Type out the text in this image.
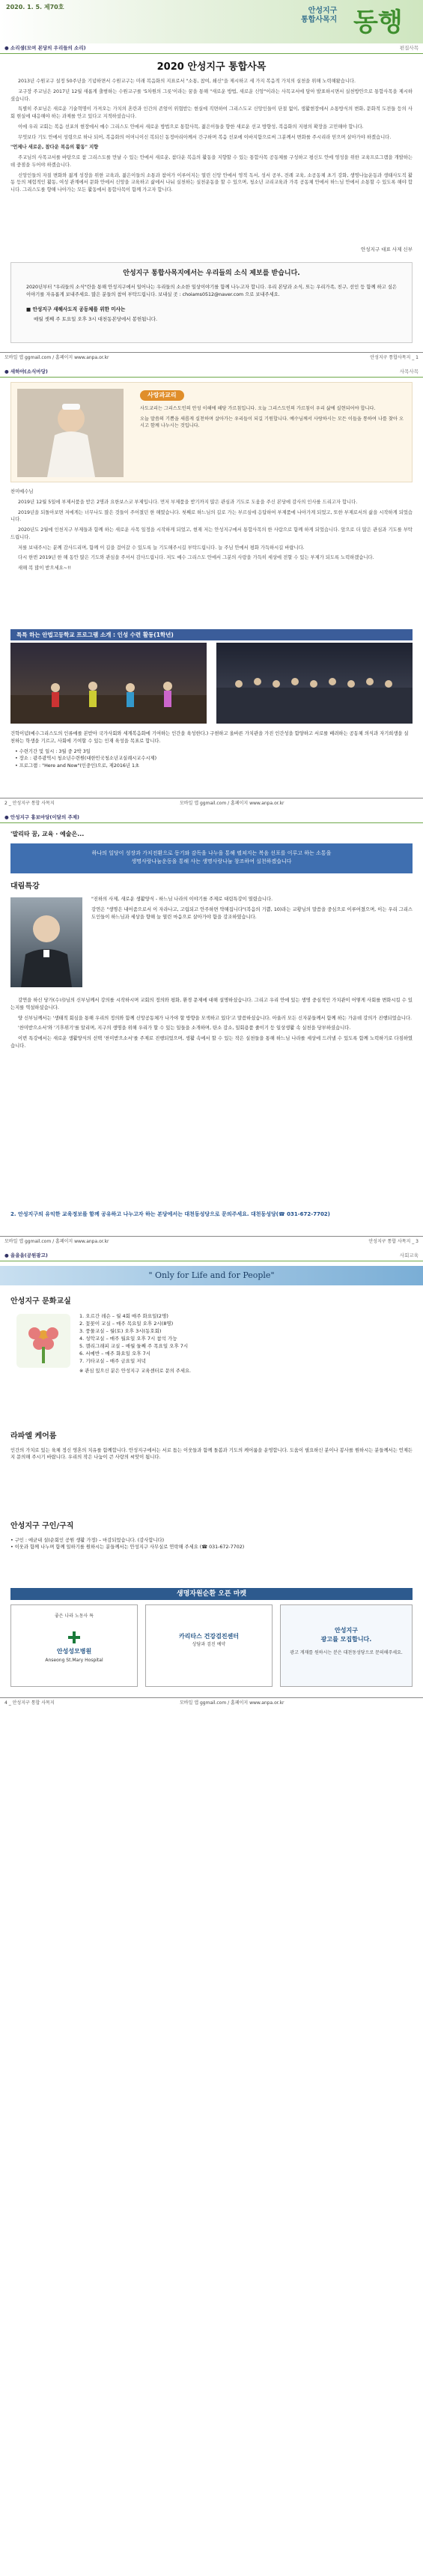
2020. 1. 5. 제70호	안성지구
통합사목지 동행
● 소리샘(모여 본당의 우리들의 소리)	편집사목
2020 안성지구 통합사목

2013년 수원교구 설정 50주년을 기념하면서 수원교구는 미래 복음화의 지표로서 "소통, 참여, 쇄신"을 제시하고 세 가지 복음적 가치의 실천을 위해 노력해왔습니다.

교구장 주교님은 2017년 12월 새롭게 출범하는 수원교구를 '5차원의 그릇'이라는 꿈을 통해 "새로운 방법, 새로운 신앙"이라는 사목교서에 담아 발표하시면서 실천방안으로 통합사목을 제시하셨습니다.

특별히 주보님은 새로운 기술혁명이 가져오는 가치의 혼란과 인간의 존엄이 위협받는 현실에 직면하여 그리스도교 신앙인들이 단절 없이, 생활현장에서 소통방식의 변화, 문화적 도전들 등의 사회 현실에 대응해야 하는 과제를 안고 있다고 지적하셨습니다.

이에 우리 교회는 복음 선포의 현장에서 예수 그리스도 안에서 새로운 방법으로 통합사목, 젊은이들을 향한 새로운 선교 방향성, 복음화의 지평의 확장을 고민해야 합니다.

무엇보다 기도 안에서 성령으로 하나 되어, 복음화의 어머니이신 복되신 동정마리아께서 간구하며 복음 선포에 이바지함으로써 그분께서 변화를 주시리라 믿으며 살아가야 하겠습니다.

"언제나 새로운, 참다운 복음의 활동" 지향

주교님의 사목교서를 바탕으로 참 그리스도를 만날 수 있는 안에서 새로운, 참다운 복음의 활동을 지향할 수 있는 통합사목 공동체를 구성하고 평신도 안에 영성을 위한 교육프로그램을 개발하는데 중점을 두어야 하겠습니다.

신앙인들의 자질 변화와 젊게 성장을 위한 교육과, 젊은이들의 소통과 참여가 이루어지는 열린 신앙 안에서 영적 독서, 성서 공부, 전례 교육, 소공동체 초기 강화, 생명나눔운동과 생태사도직 활동 등의 체험적인 활동, 여성 관계에서 문화 안에서 신앙을 교육하고 삶에서 나눠 실천하는 실천운동을 할 수 있으며, 청소년 교리교육과 가족 공동체 안에서 하느님 안에서 소통할 수 있도록 해야 합니다. 그리스도를 향해 나아가는 모든 활동에서 통합사목이 함께 가고자 합니다.

안성지구 대표 사제 신부
안성지구 통합사목지에서는 우리들의 소식 제보를 받습니다.

2020년부터 "우리들의 소식"란을 통해 안성지구에서 일어나는 우리들의 소소한 일상이야기를 함께 나누고자 합니다. 우리 본당과 소식, 또는 우리가족, 친구, 선인 등 함께 하고 싶은 이야기를 자유롭게 보내주세요. 많은 분들의 참여 부탁드립니다. 보내실 곳 : choiams0512@naver.com 으로 보내주세요.

■ 안성지구 새해사도직 공동체를 위한 미사는
매월 셋째 주 토요일 오후 3시 대천동본당에서 봉헌됩니다.
모바일 앱 ggmail.com / 홈페이지 www.anpa.or.kr	안성지구 통합사목지 _ 1
● 새하야(소식마당)	사목사목
사랑과교리

사도교리는 그리스도인의 안성 이해에 해당 가르침입니다. 오늘 그리스도인의 가르침이 우리 삶에 실현되어야 합니다.

오늘 말씀의 기쁨을 새롭게 실천하며 살아가는 우리들이 되길 기원합니다. 예수님께서 사랑하시는 모든 이들을 통하여 나를 찾아 오시고 함께 나누시는 것입니다.

찬미예수님

2019년 12월 5일에 부제서품을 받은 2명과 요한보스코 부제입니다. 먼저 부제품을 받기까지 많은 관심과 기도로 도움을 주신 본당에 감사의 인사를 드리고자 합니다.

2019년을 되돌아보면 저에게는 너무나도 많은 것들이 주어졌던 한 해였습니다. 첫째로 하느님의 길로 가는 부르심에 응답하여 부제품에 나아가게 되었고, 또한 부제로서의 삶을 시작하게 되었습니다.

2020년도 2월에 인천지구 부제들과 함께 하는 새로운 사목 일정을 시작하게 되었고, 현재 저는 안성지구에서 통합사목의 한 사람으로 함께 하게 되었습니다. 앞으로 더 많은 관심과 기도를 부탁드립니다.

저를 보내주시는 분께 감사드리며, 함께 이 길을 걸어갈 수 있도록 늘 기도해주시길 부탁드립니다. 늘 주님 안에서 평화 가득하시길 바랍니다.

다시 한번 2019년 한 해 동안 많은 기도와 관심을 주셔서 감사드립니다. 저도 예수 그리스도 안에서 그분의 사랑을 가득히 세상에 전할 수 있는 부제가 되도록 노력하겠습니다.

새해 복 많이 받으세요~!!

특특 하는 안법고등학교 프로그램 소개 : 인성 수련 활동(1학년)
건학이념(예수그리스도의 인류애를 본받아 국가사회와 세계복음화에 기여하는 인간을 육성한다.) 구현하고 올바른 가치관을 가진 인간성을 함양하고 서로를 배려하는 공동체 의식과 자기희생을 실천하는 학생을 기르고, 사회에 기여할 수 있는 인재 육성을 목표로 합니다.
• 수련기간 및 일시 : 3월 중 2박 3일
• 장소 : 광주광역시 청소년수련원(대한민국청소년교실례시교수시제)
• 프로그램 : "Here and Now"(인중인)으로, 제2016년 1초
2 _ 안성지구 통합 사목지	모바일 앱 ggmail.com / 홈페이지 www.anpa.or.kr
● 안성지구 홍보마당(이달의 주제)
'말리타 꿈, 교육 · 예술은...
하나의 일당이 성장과 가치전환으로 동기와 감독을 나누을 통해 펼쳐지는 복음 선포를 이루고 하는 소통을
생명사랑나눔운동을 통해 사는 생명사랑나눔 창조하여 실천하겠습니다
대림특강

"진하의 사제, 새로운 생활양식 - 하느님 나라의 이야기를 주제로 대림특강이 열렸습니다.

강연은 "생명은 내어줌으로서 이 자라나고, 고립되고 안주하면 약해집니다"(복음의 기쁨, 10)라는 교황님의 말씀을 중심으로 이루어졌으며, 이는 우리 그리스도인들이 하느님과 세상을 향해 늘 열린 마음으로 살아가야 함을 강조하였습니다.

강연을 하신 당가(수녀)님의 신부님께서 강의를 시작하시며 교회의 정의와 평화, 환경 문제에 대해 설명하셨습니다. 그리고 우리 안에 있는 생명 중심적인 가치관이 어떻게 사회를 변화시킬 수 있는지를 역설하셨습니다.

양 신부님께서는 '생태적 회심을 통해 우리의 정의와 함께 신앙공동체가 나가야 할 방향을 모색하고 있다'고 말씀하셨습니다. 아울러 모든 신자분들께서 함께 하는 가운데 강의가 진행되었습니다.

'찬미받으소서'와 '기후위기'를 알리며, 지구의 생명을 위해 우리가 할 수 있는 일들을 소개하며, 탄소 감소, 일회용품 줄이기 등 일상생활 속 실천을 당부하셨습니다.

이번 특강에서는 새로운 생활양식의 선택 '찬미받으소서'를 주제로 진행되었으며, 생활 속에서 할 수 있는 작은 실천들을 통해 하느님 나라를 세상에 드러낼 수 있도록 함께 노력하기로 다짐하였습니다.

2. 안성지구의 유익한 교육정보를 함께 공유하고 나누고자 하는 본당에서는 대천동성당으로 문의주세요. 대천동성당(☎ 031-672-7702)
모바일 앱 ggmail.com / 홈페이지 www.anpa.or.kr	안성지구 통합 사목지 _ 3
● 을을을(공원광고)	사회교육
" Only for Life and for People"
안성지구 문화교실
1. 오르간 레슨 – 월 4회 매주 화요일(2명)
2. 꽃꽂이 교실 – 매주 목요일 오후 2시(8명)
3. 풍물교실 – 월(토) 오후 3시(동호회)
4. 성악교실 – 매주 월요일 오후 7시 참석 가능
5. 캘리그래피 교실 – 매월 둘째 주 목요일 오후 7시
6. 서예반 – 매주 화요일 오후 7시
7. 기타교실 – 매주 금요일 저녁
※ 관심 있으신 분은 안성지구 교육센터로 문의 주세요.
라파엘 케어룸
인간의 가치로 있는 육체 정신 영혼의 치유를 함께합니다. 안성지구에서는 서로 돕는 이웃들과 함께 돌봄과 기도의 케어룸을 운영합니다. 도움이 필요하신 분이나 봉사를 원하시는 분들께서는 언제든지 문의해 주시기 바랍니다. 우리의 작은 나눔이 큰 사랑의 씨앗이 됩니다.
안성지구 구인/구직
• 구인 : 에균내 설(순회인 공원 생활 가정) – 마감되었습니다. (감사합니다)
• 이웃과 함께 나누며 함께 일하기를 원하시는 분들께서는 안성지구 사무실로 연락해 주세요 (☎ 031-672-7702)
생명자원순환 오픈 마켓
좋은 나라 노동사 특
안성성모병원
Anseong St.Mary Hospital
카리타스 건강검진센터
상담과 검진 예약
안성지구
광고를 모집합니다.
광고 게재를 원하시는 분은 대천동성당으로 문의해주세요.
4 _ 안성지구 통합 사목지	모바일 앱 ggmail.com / 홈페이지 www.anpa.or.kr
